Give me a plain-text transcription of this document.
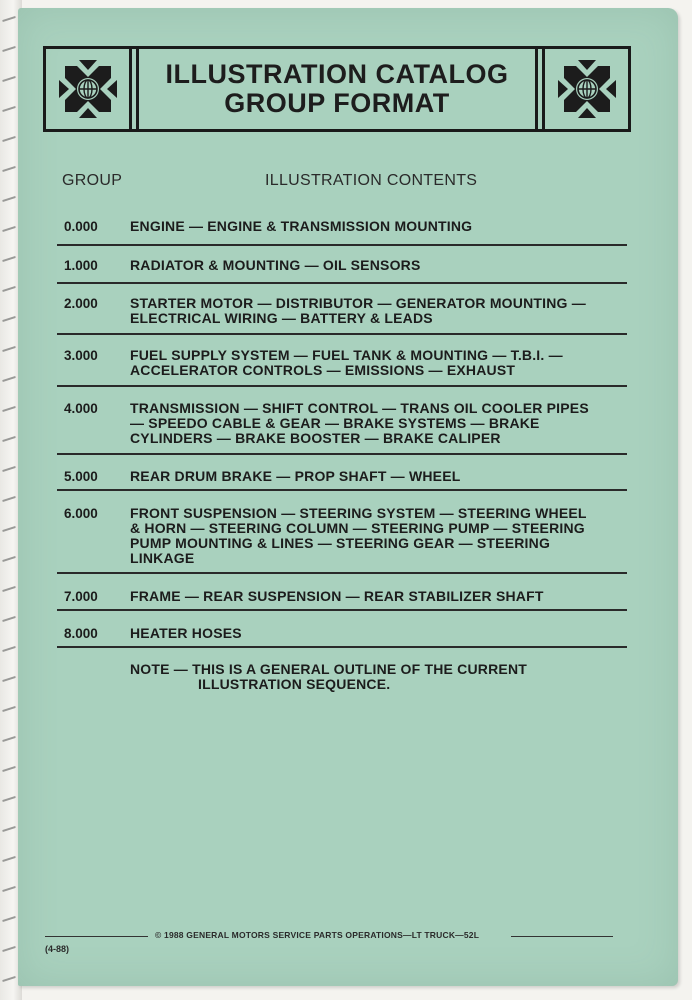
ILLUSTRATION CATALOG
GROUP FORMAT
GROUP	ILLUSTRATION CONTENTS
0.000 ENGINE — ENGINE & TRANSMISSION MOUNTING
1.000 RADIATOR & MOUNTING — OIL SENSORS
2.000 STARTER MOTOR — DISTRIBUTOR — GENERATOR MOUNTING —
ELECTRICAL WIRING — BATTERY & LEADS
3.000 FUEL SUPPLY SYSTEM — FUEL TANK & MOUNTING — T.B.I. —
ACCELERATOR CONTROLS — EMISSIONS — EXHAUST
4.000 TRANSMISSION — SHIFT CONTROL — TRANS OIL COOLER PIPES
— SPEEDO CABLE & GEAR — BRAKE SYSTEMS — BRAKE
CYLINDERS — BRAKE BOOSTER — BRAKE CALIPER
5.000 REAR DRUM BRAKE — PROP SHAFT — WHEEL
6.000 FRONT SUSPENSION — STEERING SYSTEM — STEERING WHEEL
& HORN — STEERING COLUMN — STEERING PUMP — STEERING
PUMP MOUNTING & LINES — STEERING GEAR — STEERING
LINKAGE
7.000 FRAME — REAR SUSPENSION — REAR STABILIZER SHAFT
8.000 HEATER HOSES
NOTE — THIS IS A GENERAL OUTLINE OF THE CURRENT
ILLUSTRATION SEQUENCE.
© 1988 GENERAL MOTORS SERVICE PARTS OPERATIONS—LT TRUCK—52L
(4-88)
